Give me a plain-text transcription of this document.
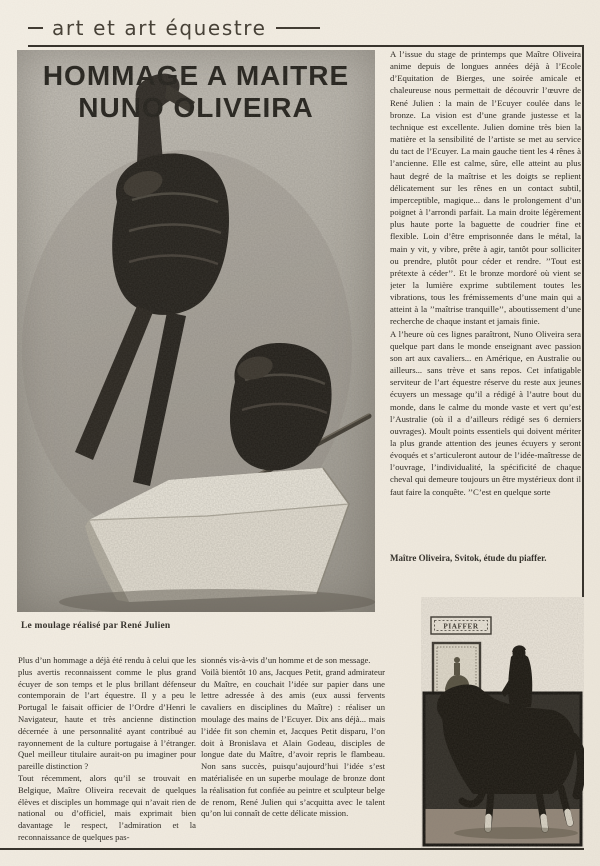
art et art équestre
HOMMAGE A MAITRE
NUNO OLIVEIRA
Le moulage réalisé par René Julien

A l’issue du stage de printemps que Maître Oliveira anime depuis de longues années déjà à l’Ecole d’Equitation de Bierges, une soirée amicale et chaleureuse nous permettait de découvrir l’œuvre de René Julien : la main de l’Ecuyer coulée dans le bronze. La vision est d’une grande justesse et la technique est excellente. Julien domine très bien la matière et la sensibilité de l’artiste se met au service du tact de l’Ecuyer. La main gauche tient les 4 rênes à l’ancienne. Elle est calme, sûre, elle atteint au plus haut degré de la maîtrise et les doigts se replient délicatement sur les rênes en un contact subtil, imperceptible, magique... dans le prolongement d’un poignet à l’arrondi parfait. La main droite légèrement plus haute porte la baguette de coudrier fine et flexible. Loin d’être emprisonnée dans le métal, la main y vit, y vibre, prête à agir, tantôt pour solliciter ou prendre, plutôt pour céder et rendre. ’’Tout est prétexte à céder’’. Et le bronze mordoré où vient se jeter la lumière exprime subtilement toutes les vibrations, tous les frémissements d’une main qui a atteint à la ’’maîtrise tranquille’’, aboutissement d’une recherche de chaque instant et jamais finie.

A l’heure où ces lignes paraîtront, Nuno Oliveira sera quelque part dans le monde enseignant avec passion son art aux cavaliers... en Amérique, en Australie ou ailleurs... sans trève et sans repos. Cet infatigable serviteur de l’art équestre réserve du reste aux jeunes écuyers un message qu’il a rédigé à l’autre bout du monde, dans le calme du monde vaste et vert qu’est l’Australie (où il a d’ailleurs rédigé ses 6 derniers ouvrages). Moult points essentiels qui doivent mériter la plus grande attention des jeunes écuyers y seront évoqués et s’articuleront autour de l’idée-maîtresse de l’ouvrage, l’individualité, la spécificité de chaque cheval qui demeure toujours un être mystérieux dont il faut faire la conquête. ’’C’est en quelque sorte

Maître Oliveira, Svitok, étude du piaffer.

Plus d’un hommage a déjà été rendu à celui que les plus avertis reconnaissent comme le plus grand écuyer de son temps et le plus brillant défenseur contemporain de l’art équestre. Il y a peu le Portugal le faisait officier de l’Ordre d’Henri le Navigateur, haute et très ancienne distinction décernée à une personnalité ayant contribué au rayonnement de la culture portugaise à l’étranger. Quel meilleur titulaire aurait-on pu imaginer pour pareille distinction ?

Tout récemment, alors qu’il se trouvait en Belgique, Maître Oliveira recevait de quelques élèves et disciples un hommage qui n’avait rien de national ou d’officiel, mais exprimait bien davantage le respect, l’admiration et la reconnaissance de quelques pas-

sionnés vis-à-vis d’un homme et de son message.

Voilà bientôt 10 ans, Jacques Petit, grand admirateur du Maître, en couchait l’idée sur papier dans une lettre adressée à des amis (eux aussi fervents cavaliers en disciplines du Maître) : réaliser un moulage des mains de l’Ecuyer. Dix ans déjà... mais l’idée fit son chemin et, Jacques Petit disparu, l’on doit à Bronislava et Alain Godeau, disciples de longue date du Maître, d’avoir repris le flambeau. Non sans succès, puisqu’aujourd’hui l’idée s’est matérialisée en un superbe moulage de bronze dont la réalisation fut confiée au peintre et sculpteur belge de renom, René Julien qui s’acquitta avec le talent qu’on lui connaît de cette délicate mission.

PIAFFER
